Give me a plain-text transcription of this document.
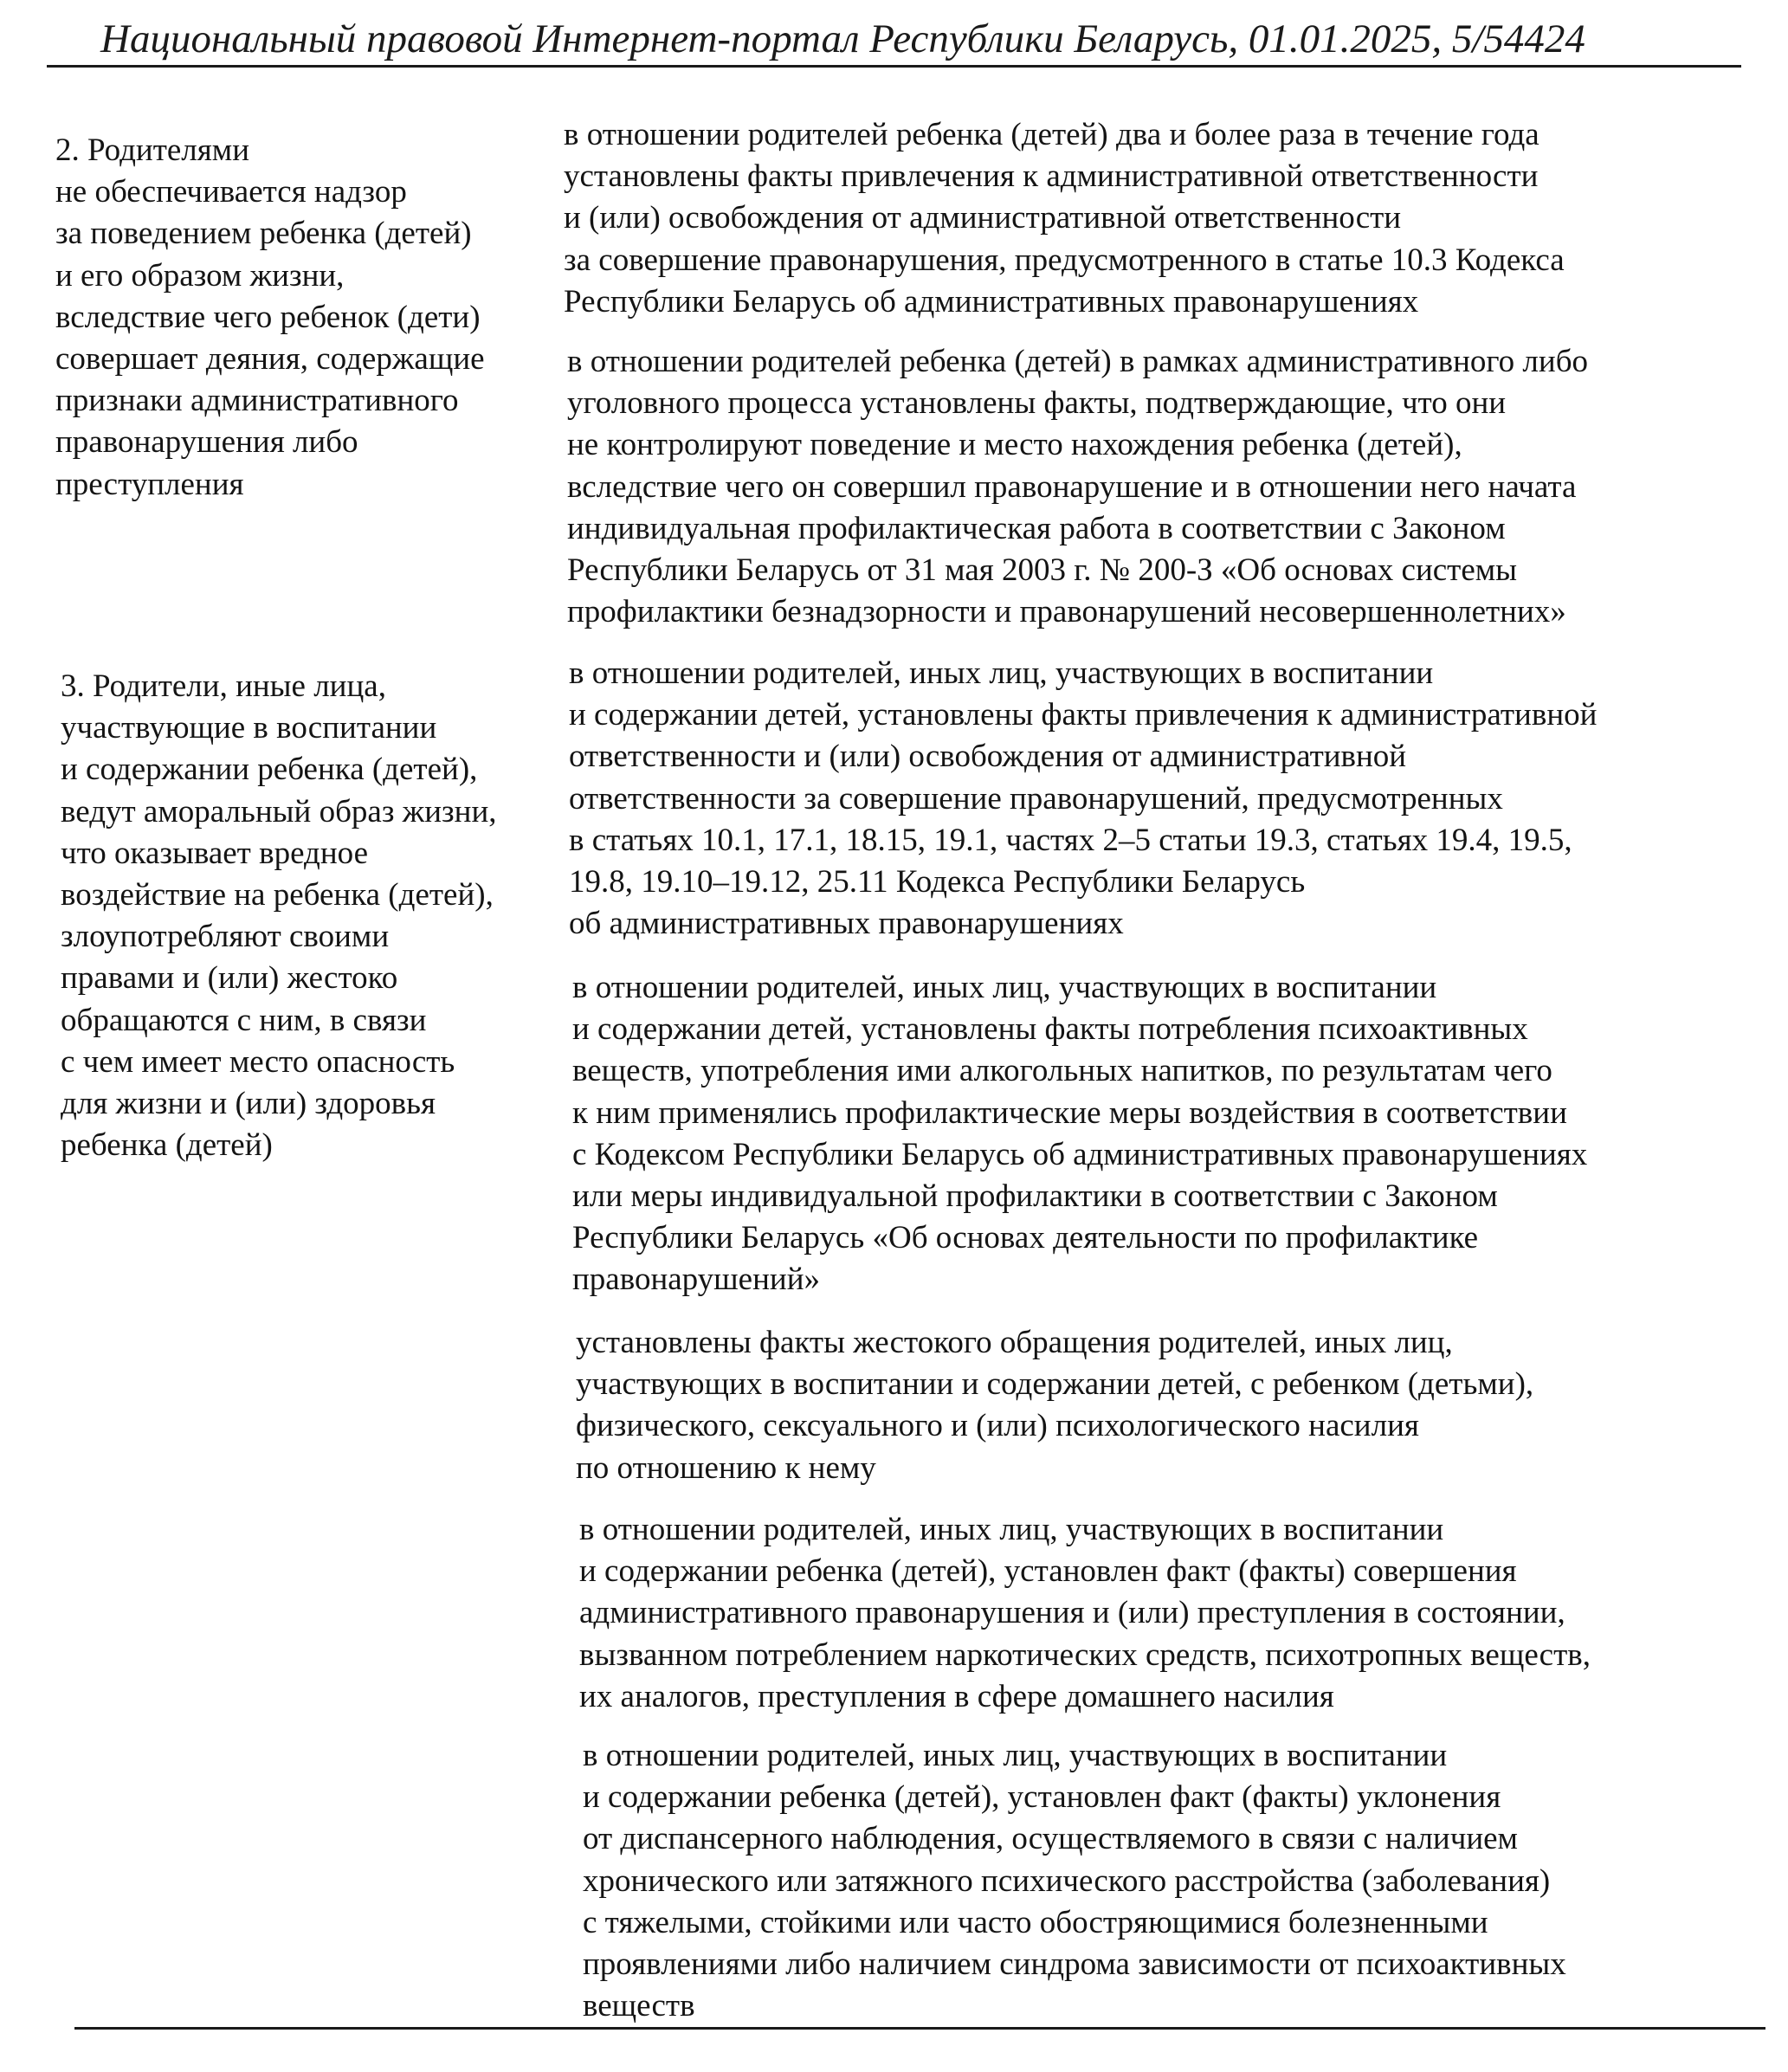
Национальный правовой Интернет-портал Республики Беларусь, 01.01.2025, 5/54424
2. Родителями
не обеспечивается надзор
за поведением ребенка (детей)
и его образом жизни,
вследствие чего ребенок (дети)
совершает деяния, содержащие
признаки административного
правонарушения либо
преступления
в отношении родителей ребенка (детей) два и более раза в течение года
установлены факты привлечения к административной ответственности
и (или) освобождения от административной ответственности
за совершение правонарушения, предусмотренного в статье 10.3 Кодекса
Республики Беларусь об административных правонарушениях
в отношении родителей ребенка (детей) в рамках административного либо
уголовного процесса установлены факты, подтверждающие, что они
не контролируют поведение и место нахождения ребенка (детей),
вследствие чего он совершил правонарушение и в отношении него начата
индивидуальная профилактическая работа в соответствии с Законом
Республики Беларусь от 31 мая 2003 г. № 200-З «Об основах системы
профилактики безнадзорности и правонарушений несовершеннолетних»
3. Родители, иные лица,
участвующие в воспитании
и содержании ребенка (детей),
ведут аморальный образ жизни,
что оказывает вредное
воздействие на ребенка (детей),
злоупотребляют своими
правами и (или) жестоко
обращаются с ним, в связи
с чем имеет место опасность
для жизни и (или) здоровья
ребенка (детей)
в отношении родителей, иных лиц, участвующих в воспитании
и содержании детей, установлены факты привлечения к административной
ответственности и (или) освобождения от административной
ответственности за совершение правонарушений, предусмотренных
в статьях 10.1, 17.1, 18.15, 19.1, частях 2–5 статьи 19.3, статьях 19.4, 19.5,
19.8, 19.10–19.12, 25.11 Кодекса Республики Беларусь
об административных правонарушениях
в отношении родителей, иных лиц, участвующих в воспитании
и содержании детей, установлены факты потребления психоактивных
веществ, употребления ими алкогольных напитков, по результатам чего
к ним применялись профилактические меры воздействия в соответствии
с Кодексом Республики Беларусь об административных правонарушениях
или меры индивидуальной профилактики в соответствии с Законом
Республики Беларусь «Об основах деятельности по профилактике
правонарушений»
установлены факты жестокого обращения родителей, иных лиц,
участвующих в воспитании и содержании детей, с ребенком (детьми),
физического, сексуального и (или) психологического насилия
по отношению к нему
в отношении родителей, иных лиц, участвующих в воспитании
и содержании ребенка (детей), установлен факт (факты) совершения
административного правонарушения и (или) преступления в состоянии,
вызванном потреблением наркотических средств, психотропных веществ,
их аналогов, преступления в сфере домашнего насилия
в отношении родителей, иных лиц, участвующих в воспитании
и содержании ребенка (детей), установлен факт (факты) уклонения
от диспансерного наблюдения, осуществляемого в связи с наличием
хронического или затяжного психического расстройства (заболевания)
с тяжелыми, стойкими или часто обостряющимися болезненными
проявлениями либо наличием синдрома зависимости от психоактивных
веществ
